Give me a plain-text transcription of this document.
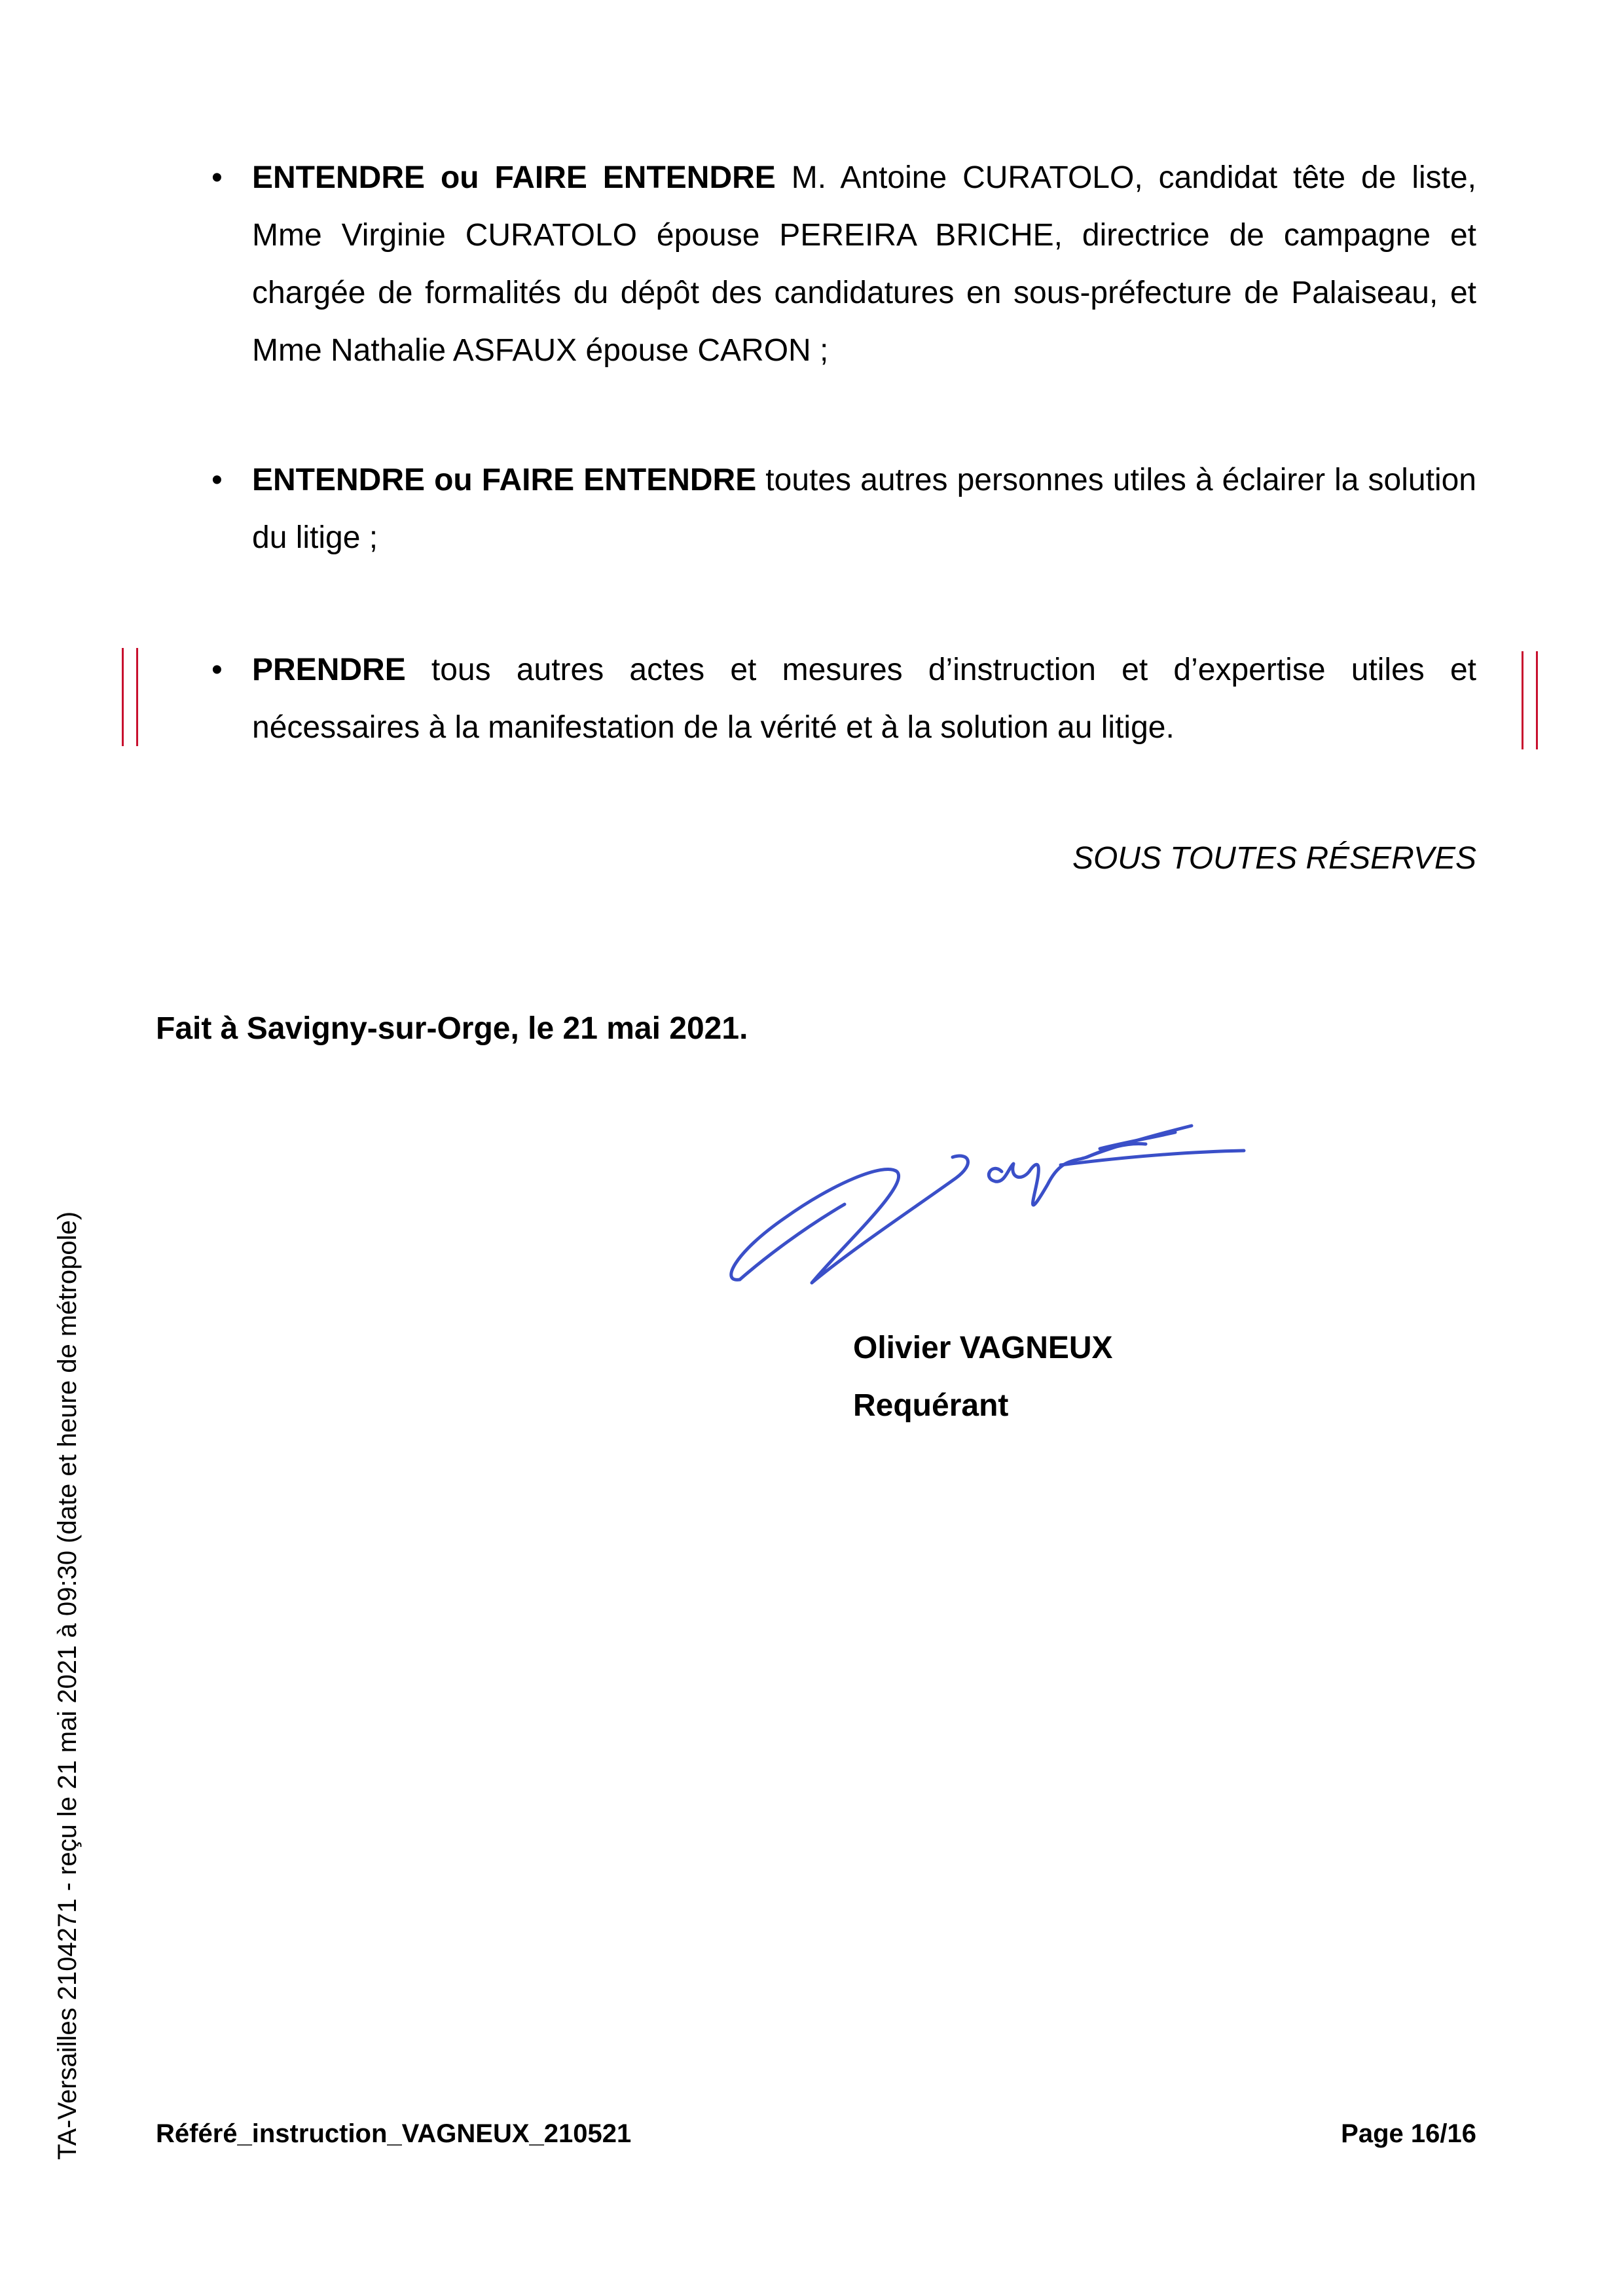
• ENTENDRE ou FAIRE ENTENDRE M. Antoine CURATOLO, candidat tête de liste, Mme Virginie CURATOLO épouse PEREIRA BRICHE, directrice de campagne et chargée de formalités du dépôt des candidatures en sous-préfecture de Palaiseau, et Mme Nathalie ASFAUX épouse CARON ;
• ENTENDRE ou FAIRE ENTENDRE toutes autres personnes utiles à éclairer la solution du litige ;
• PRENDRE tous autres actes et mesures d’instruction et d’expertise utiles et nécessaires à la manifestation de la vérité et à la solution au litige.
SOUS TOUTES RÉSERVES
Fait à Savigny-sur-Orge, le 21 mai 2021.
Olivier VAGNEUX
Requérant
Référé_instruction_VAGNEUX_210521	Page 16/16
TA-Versailles 2104271 - reçu le 21 mai 2021 à 09:30 (date et heure de métropole)
